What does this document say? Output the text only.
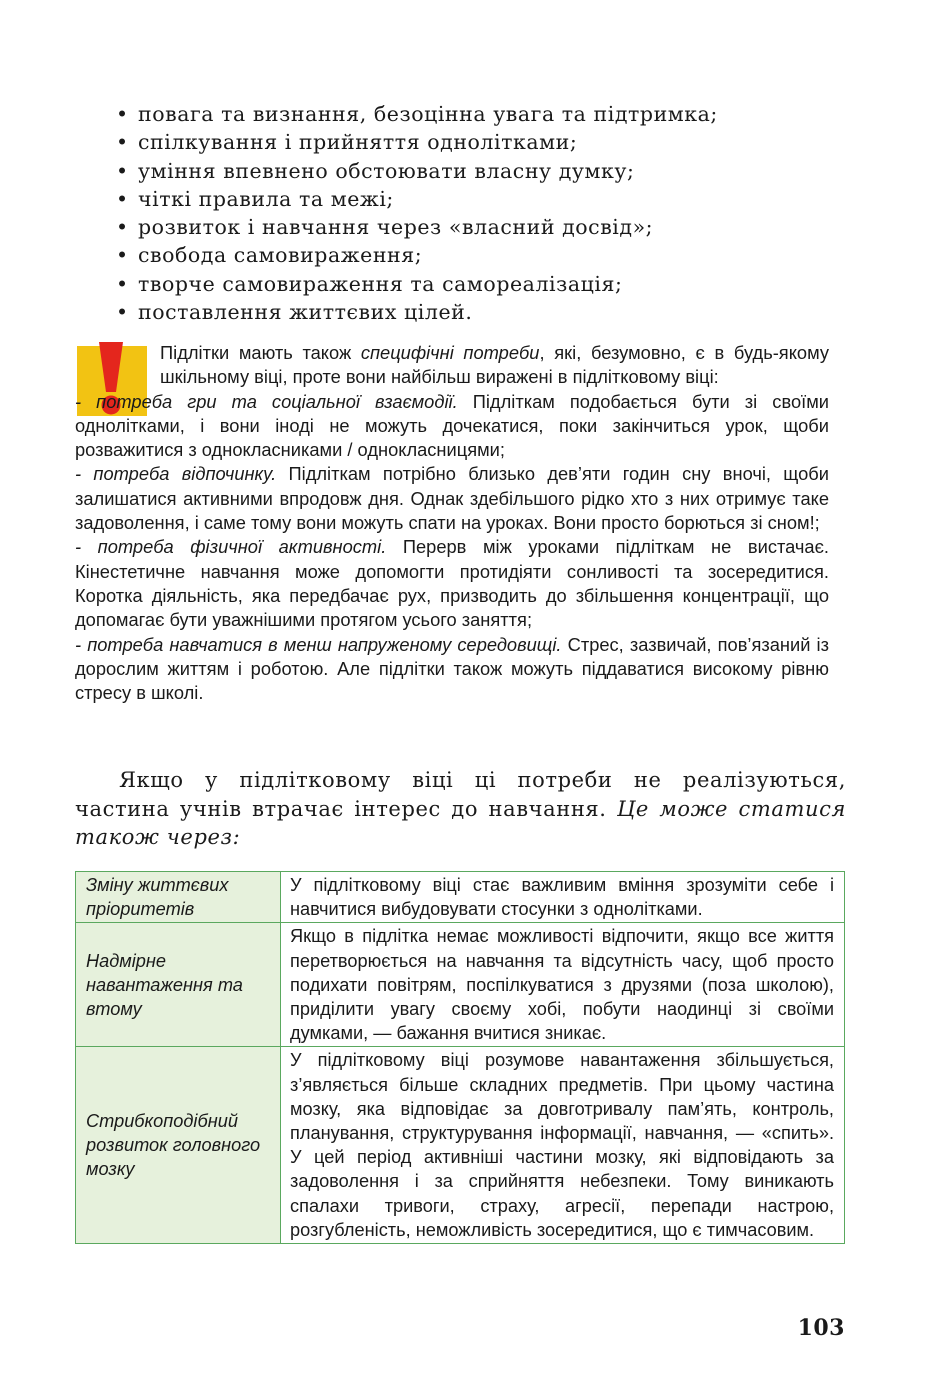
• повага та визнання, безоцінна увага та підтримка;
• спілкування і прийняття однолітками;
• уміння впевнено обстоювати власну думку;
• чіткі правила та межі;
• розвиток і навчання через «власний досвід»;
• свобода самовираження;
• творче самовираження та самореалізація;
• поставлення життєвих цілей.

Підлітки мають також специфічні потреби, які, безумовно, є в будь-якому шкільному віці, проте вони найбільш виражені в підлітковому віці:

- потреба гри та соціальної взаємодії. Підліткам подобається бути зі своїми однолітками, і вони іноді не можуть дочекатися, поки закінчиться урок, щоби розважитися з однокласниками / однокласницями;

- потреба відпочинку. Підліткам потрібно близько дев’яти годин сну вночі, щоби залишатися активними впродовж дня. Однак здебільшого рідко хто з них отримує таке задоволення, і саме тому вони можуть спати на уроках. Вони просто борються зі сном!;

- потреба фізичної активності. Перерв між уроками підліткам не вистачає. Кінестетичне навчання може допомогти протидіяти сонливості та зосередитися. Коротка діяльність, яка передбачає рух, призводить до збільшення концентрації, що допомагає бути уважнішими протягом усього заняття;

- потреба навчатися в менш напруженому середовищі. Стрес, зазвичай, пов’язаний із дорослим життям і роботою. Але підлітки також можуть піддаватися високому рівню стресу в школі.

Якщо у підлітковому віці ці потреби не реалізуються, частина учнів втрачає інтерес до навчання. Це може статися також через:
Зміну життєвих пріоритетів	У підлітковому віці стає важливим вміння зрозуміти себе і навчитися вибудовувати стосунки з однолітками.
Надмірне навантаження та втому	Якщо в підлітка немає можливості відпочити, якщо все життя перетворюється на навчання та відсутність часу, щоб просто подихати повітрям, поспілкуватися з друзями (поза школою), приділити увагу своєму хобі, побути наодинці зі своїми думками, — бажання вчитися зникає.
Стрибкоподібний розвиток головного мозку	У підлітковому віці розумове навантаження збільшується, з’являється більше складних предметів. При цьому частина мозку, яка відповідає за довготривалу пам’ять, контроль, планування, структурування інформації, навчання, — «спить». У цей період активніші частини мозку, які відповідають за задоволення і за сприйняття небезпеки. Тому виникають спалахи тривоги, страху, агресії, перепади настрою, розгубленість, неможливість зосередитися, що є тимчасовим.
103
